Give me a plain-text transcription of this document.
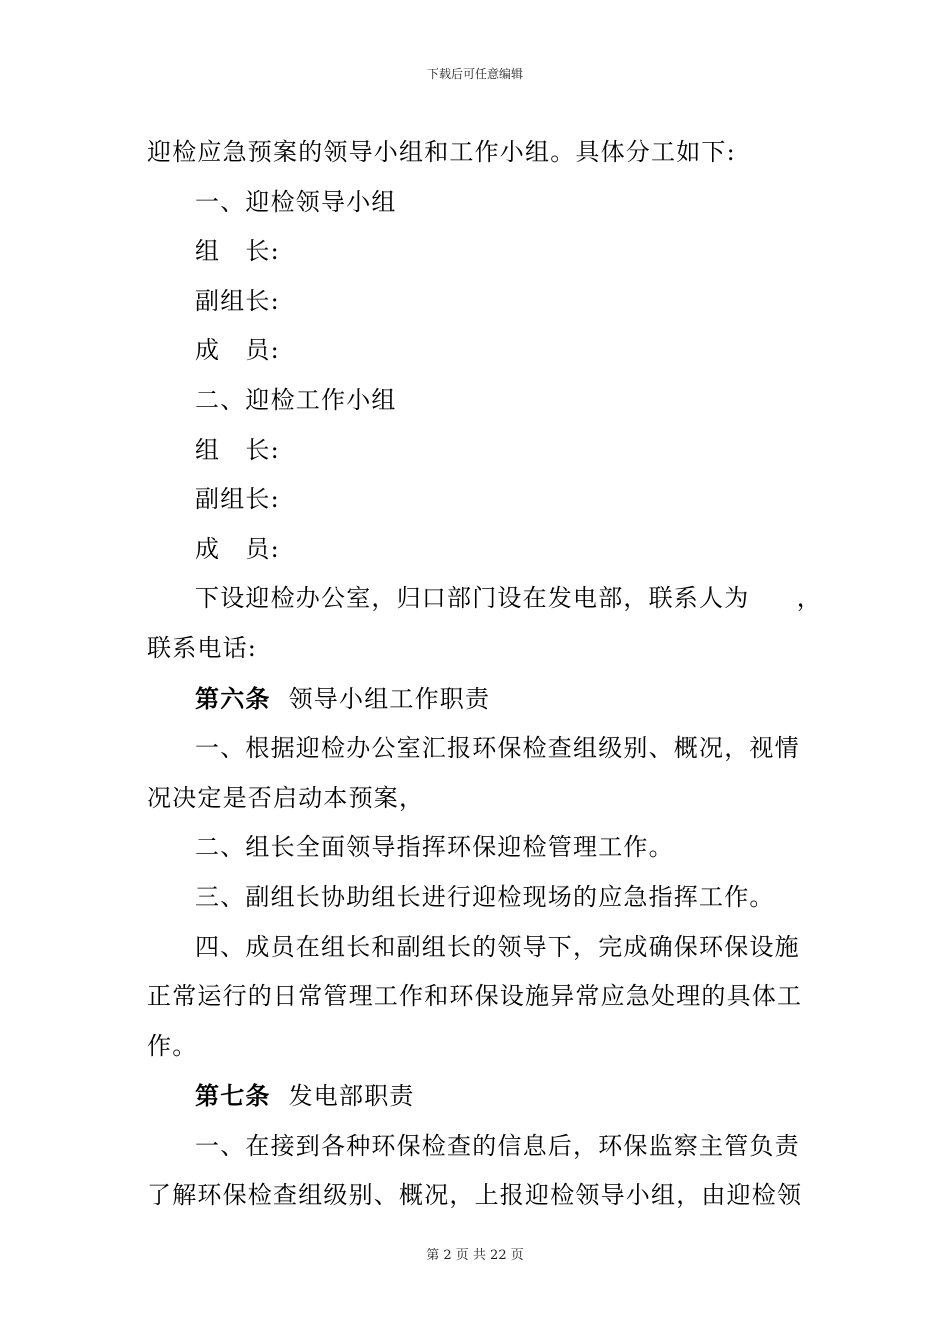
下载后可任意编辑

迎检应急预案的领导小组和工作小组。具体分工如下:

一、迎检领导小组

组　长:

副组长:

成　员:

二、迎检工作小组

组　长:

副组长:

成　员:

下设迎检办公室，归口部门设在发电部，联系人为 ，

联系电话:

第六条 领导小组工作职责

一、根据迎检办公室汇报环保检查组级别、概况，视情

况决定是否启动本预案，

二、组长全面领导指挥环保迎检管理工作。

三、副组长协助组长进行迎检现场的应急指挥工作。

四、成员在组长和副组长的领导下，完成确保环保设施

正常运行的日常管理工作和环保设施异常应急处理的具体工

作。

第七条 发电部职责

一、在接到各种环保检查的信息后，环保监察主管负责

了解环保检查组级别、概况，上报迎检领导小组，由迎检领

第 2 页 共 22 页
